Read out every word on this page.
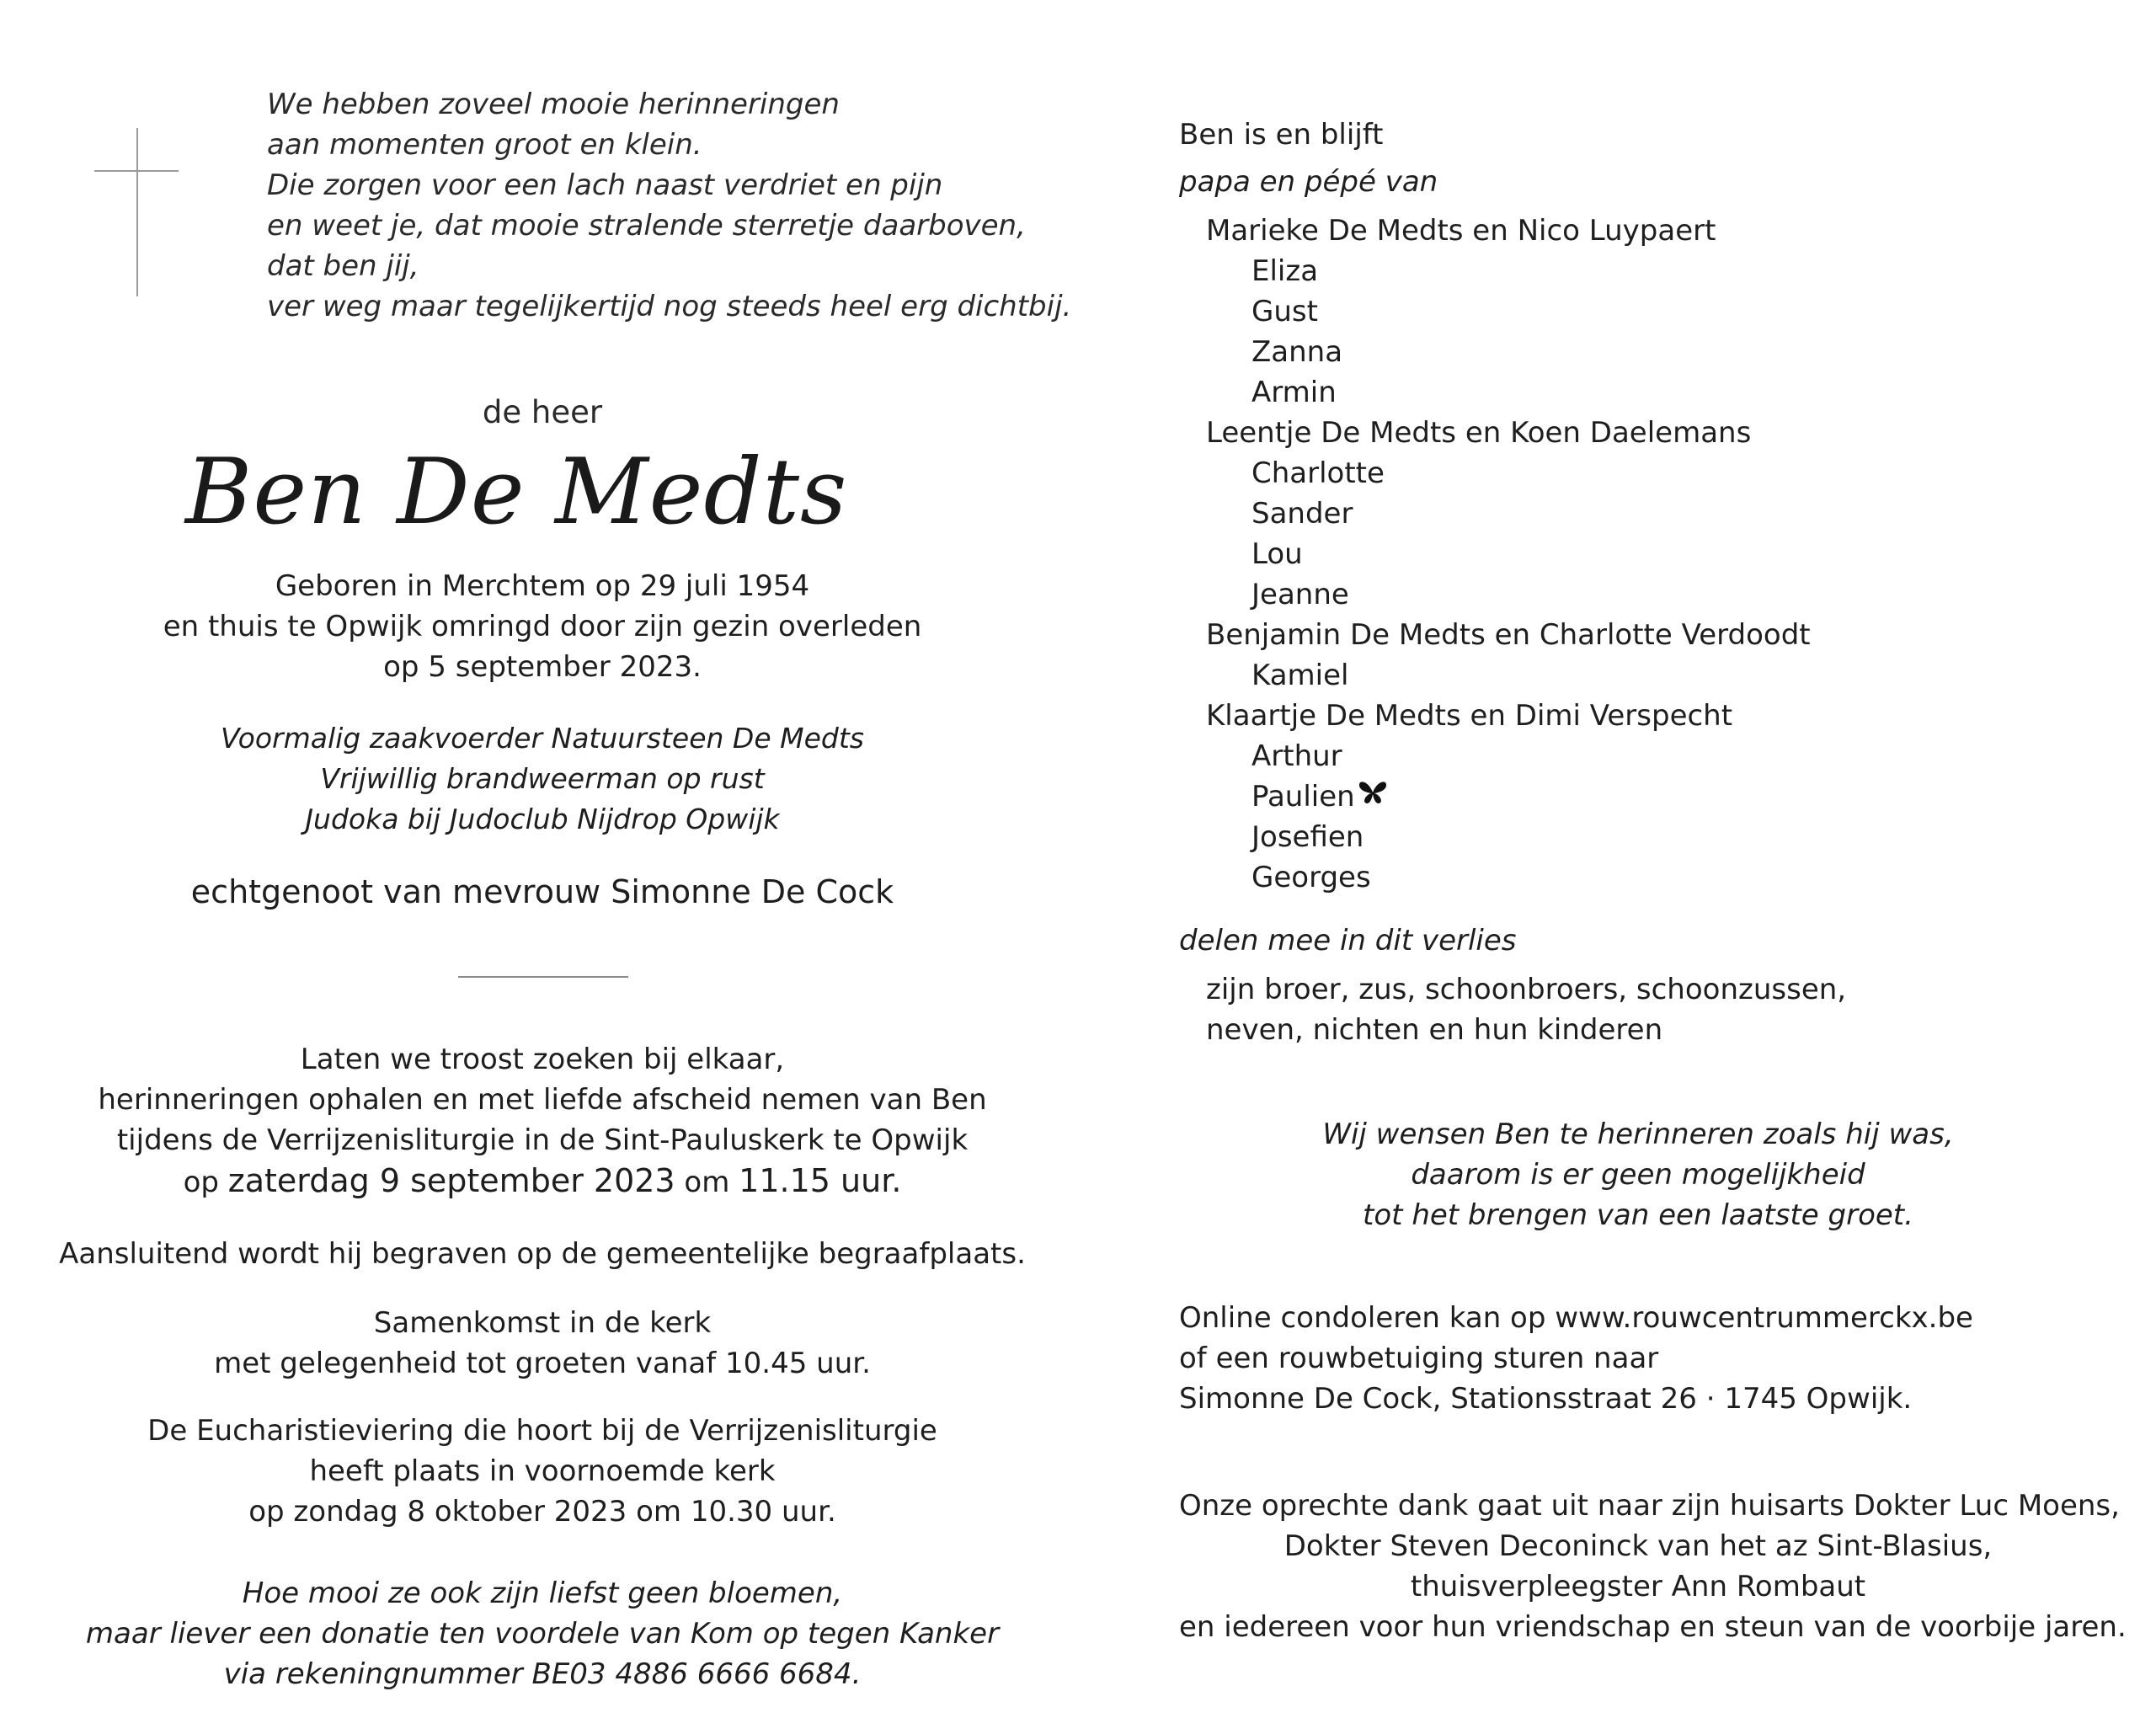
We hebben zoveel mooie herinneringen
aan momenten groot en klein.
Die zorgen voor een lach naast verdriet en pijn
en weet je, dat mooie stralende sterretje daarboven,
dat ben jij,
ver weg maar tegelijkertijd nog steeds heel erg dichtbij.
de heer
Ben De Medts
Geboren in Merchtem op 29 juli 1954
en thuis te Opwijk omringd door zijn gezin overleden
op 5 september 2023.
Voormalig zaakvoerder Natuursteen De Medts
Vrijwillig brandweerman op rust
Judoka bij Judoclub Nijdrop Opwijk
echtgenoot van mevrouw Simonne De Cock
Laten we troost zoeken bij elkaar,
herinneringen ophalen en met liefde afscheid nemen van Ben
tijdens de Verrijzenisliturgie in de Sint-Pauluskerk te Opwijk
op zaterdag 9 september 2023 om 11.15 uur.
Aansluitend wordt hij begraven op de gemeentelijke begraafplaats.
Samenkomst in de kerk
met gelegenheid tot groeten vanaf 10.45 uur.
De Eucharistieviering die hoort bij de Verrijzenisliturgie
heeft plaats in voornoemde kerk
op zondag 8 oktober 2023 om 10.30 uur.
Hoe mooi ze ook zijn liefst geen bloemen,
maar liever een donatie ten voordele van Kom op tegen Kanker
via rekeningnummer BE03 4886 6666 6684.
Ben is en blijft
papa en pépé van
Marieke De Medts en Nico Luypaert
Eliza
Gust
Zanna
Armin
Leentje De Medts en Koen Daelemans
Charlotte
Sander
Lou
Jeanne
Benjamin De Medts en Charlotte Verdoodt
Kamiel
Klaartje De Medts en Dimi Verspecht
Arthur
Paulien
Josefien
Georges
delen mee in dit verlies
zijn broer, zus, schoonbroers, schoonzussen,
neven, nichten en hun kinderen
Wij wensen Ben te herinneren zoals hij was,
daarom is er geen mogelijkheid
tot het brengen van een laatste groet.
Online condoleren kan op www.rouwcentrummerckx.be
of een rouwbetuiging sturen naar
Simonne De Cock, Stationsstraat 26 · 1745 Opwijk.
Onze oprechte dank gaat uit naar zijn huisarts Dokter Luc Moens,
Dokter Steven Deconinck van het az Sint-Blasius,
thuisverpleegster Ann Rombaut
en iedereen voor hun vriendschap en steun van de voorbije jaren.
